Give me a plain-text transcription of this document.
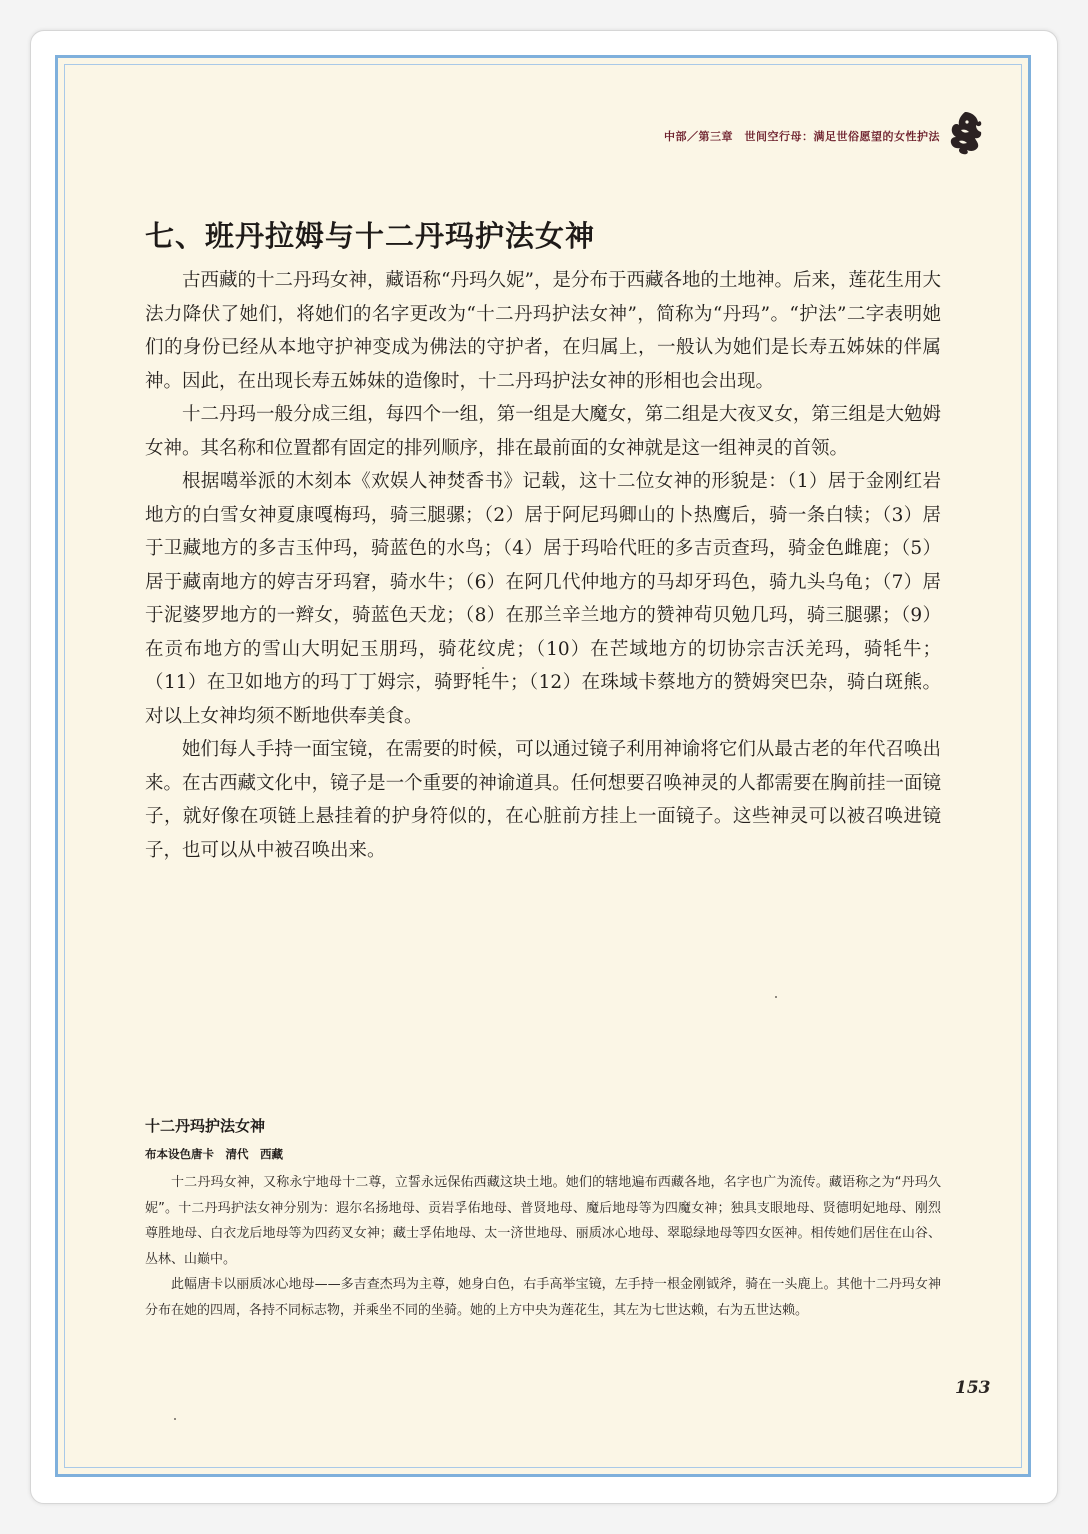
中部／第三章　世间空行母：满足世俗愿望的女性护法
七、班丹拉姆与十二丹玛护法女神

古西藏的十二丹玛女神，藏语称“丹玛久妮”，是分布于西藏各地的土地神。后来，莲花生用大法力降伏了她们，将她们的名字更改为“十二丹玛护法女神”，简称为“丹玛”。“护法”二字表明她们的身份已经从本地守护神变成为佛法的守护者，在归属上，一般认为她们是长寿五姊妹的伴属神。因此，在出现长寿五姊妹的造像时，十二丹玛护法女神的形相也会出现。

十二丹玛一般分成三组，每四个一组，第一组是大魔女，第二组是大夜叉女，第三组是大勉姆女神。其名称和位置都有固定的排列顺序，排在最前面的女神就是这一组神灵的首领。

根据噶举派的木刻本《欢娱人神焚香书》记载，这十二位女神的形貌是：（1）居于金刚红岩地方的白雪女神夏康嘎梅玛，骑三腿骡；（2）居于阿尼玛卿山的卜热鹰后，骑一条白犊；（3）居于卫藏地方的多吉玉仲玛，骑蓝色的水鸟；（4）居于玛哈代旺的多吉贡查玛，骑金色雌鹿；（5）居于藏南地方的婷吉牙玛窘，骑水牛；（6）在阿几代仲地方的马却牙玛色，骑九头乌龟；（7）居于泥婆罗地方的一辫女，骑蓝色天龙；（8）在那兰辛兰地方的赞神茍贝勉几玛，骑三腿骡；（9）在贡布地方的雪山大明妃玉朋玛，骑花纹虎；（10）在芒域地方的切协宗吉沃羌玛，骑牦牛；（11）在卫如地方的玛丁丁姆宗，骑野牦牛；（12）在珠域卡蔡地方的赞姆突巴杂，骑白斑熊。对以上女神均须不断地供奉美食。

她们每人手持一面宝镜，在需要的时候，可以通过镜子利用神谕将它们从最古老的年代召唤出来。在古西藏文化中，镜子是一个重要的神谕道具。任何想要召唤神灵的人都需要在胸前挂一面镜子，就好像在项链上悬挂着的护身符似的，在心脏前方挂上一面镜子。这些神灵可以被召唤进镜子，也可以从中被召唤出来。

十二丹玛护法女神
布本设色唐卡　清代　西藏

十二丹玛女神，又称永宁地母十二尊，立誓永远保佑西藏这块土地。她们的辖地遍布西藏各地，名字也广为流传。藏语称之为“丹玛久妮”。十二丹玛护法女神分别为：遐尔名扬地母、贡岩孚佑地母、普贤地母、魔后地母等为四魔女神；独具支眼地母、贤德明妃地母、刚烈尊胜地母、白衣龙后地母等为四药叉女神；藏士孚佑地母、太一济世地母、丽质冰心地母、翠聪绿地母等四女医神。相传她们居住在山谷、丛林、山巅中。

此幅唐卡以丽质冰心地母——多吉查杰玛为主尊，她身白色，右手高举宝镜，左手持一根金刚钺斧，骑在一头鹿上。其他十二丹玛女神分布在她的四周，各持不同标志物，并乘坐不同的坐骑。她的上方中央为莲花生，其左为七世达赖，右为五世达赖。

153
